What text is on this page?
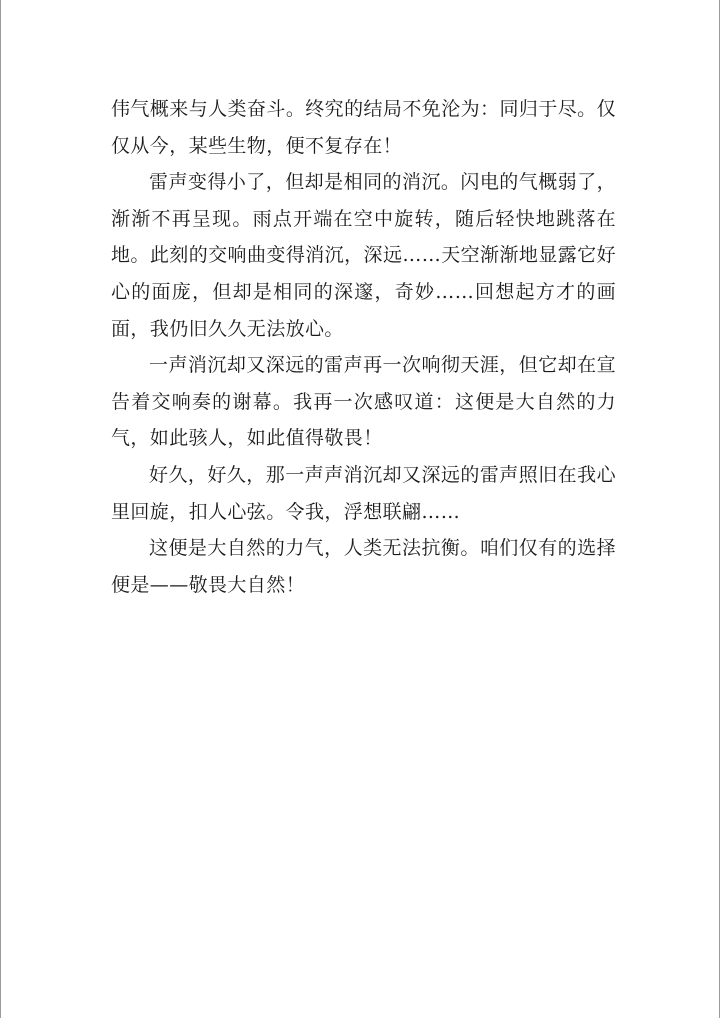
伟气概来与人类奋斗。终究的结局不免沦为：同归于尽。仅仅从今，某些生物，便不复存在！

雷声变得小了，但却是相同的消沉。闪电的气概弱了，渐渐不再呈现。雨点开端在空中旋转，随后轻快地跳落在地。此刻的交响曲变得消沉，深远……天空渐渐地显露它好心的面庞，但却是相同的深邃，奇妙……回想起方才的画面，我仍旧久久无法放心。

一声消沉却又深远的雷声再一次响彻天涯，但它却在宣告着交响奏的谢幕。我再一次感叹道：这便是大自然的力气，如此骇人，如此值得敬畏！

好久，好久，那一声声消沉却又深远的雷声照旧在我心里回旋，扣人心弦。令我，浮想联翩……

这便是大自然的力气，人类无法抗衡。咱们仅有的选择便是——敬畏大自然！
